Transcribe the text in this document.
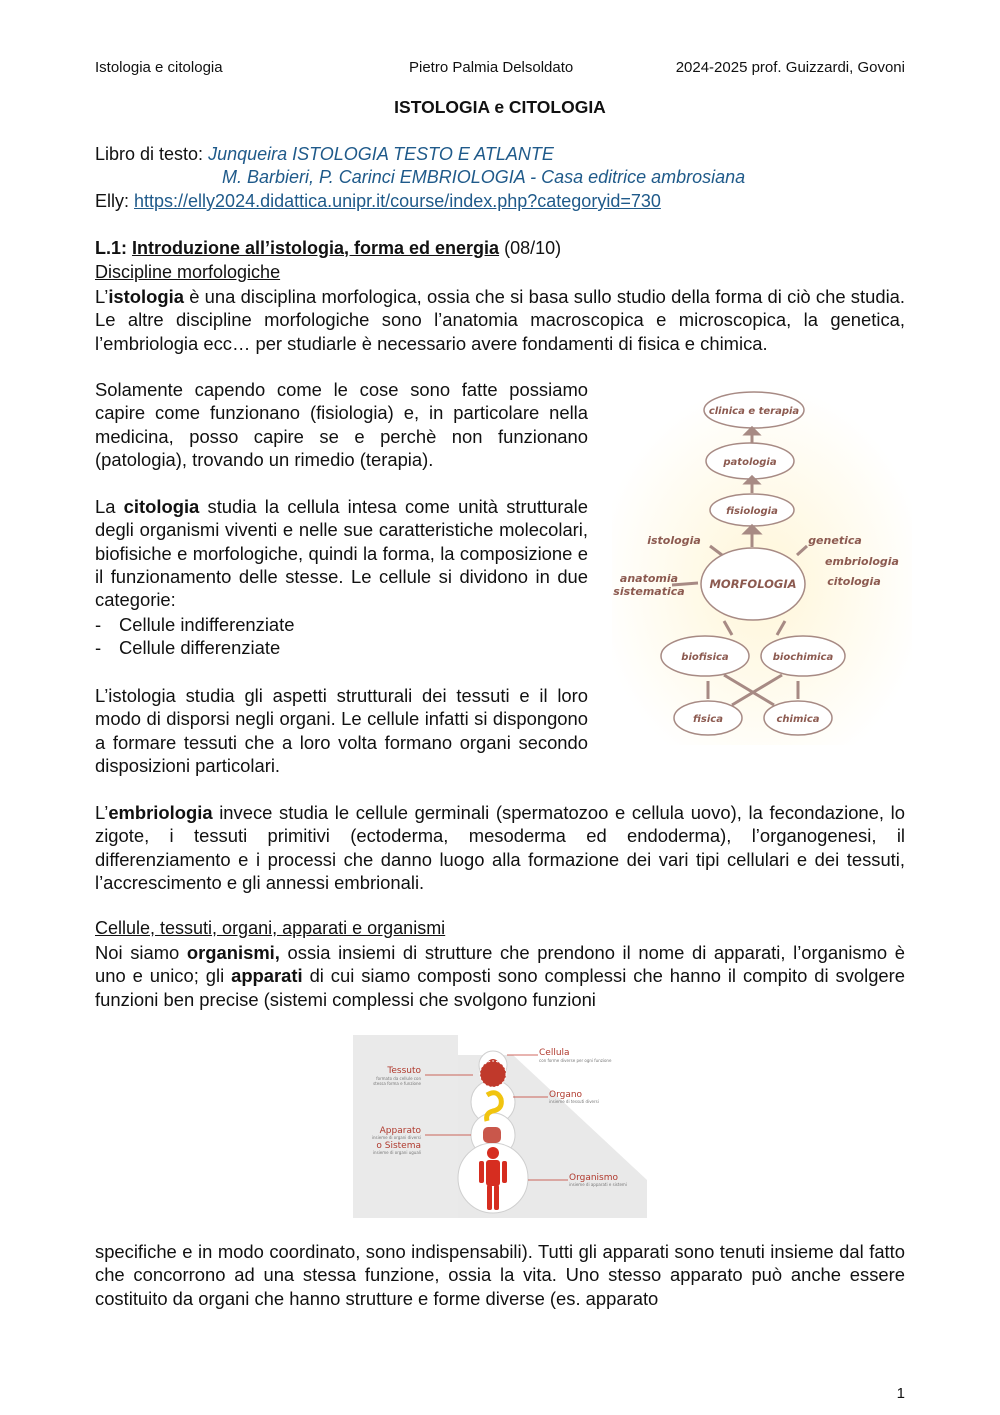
Istologia e citologia	Pietro Palmia Delsoldato	2024-2025 prof. Guizzardi, Govoni
ISTOLOGIA e CITOLOGIA
Libro di testo: Junqueira ISTOLOGIA TESTO E ATLANTE
M. Barbieri, P. Carinci EMBRIOLOGIA - Casa editrice ambrosiana
Elly: https://elly2024.didattica.unipr.it/course/index.php?categoryid=730
L.1: Introduzione all’istologia, forma ed energia (08/10)
Discipline morfologiche

L’istologia è una disciplina morfologica, ossia che si basa sullo studio della forma di ciò che studia. Le altre discipline morfologiche sono l’anatomia macroscopica e microscopica, la genetica, l’embriologia ecc… per studiarle è necessario avere fondamenti di fisica e chimica.

Solamente capendo come le cose sono fatte possiamo capire come funzionano (fisiologia) e, in particolare nella medicina, posso capire se e perchè non funzionano (patologia), trovando un rimedio (terapia).

La citologia studia la cellula intesa come unità strutturale degli organismi viventi e nelle sue caratteristiche molecolari, biofisiche e morfologiche, quindi la forma, la composizione e il funzionamento delle stesse. Le cellule si dividono in due categorie:

- Cellule indifferenziate
- Cellule differenziate

L’istologia studia gli aspetti strutturali dei tessuti e il loro modo di disporsi negli organi. Le cellule infatti si dispongono a formare tessuti che a loro volta formano organi secondo disposizioni particolari.

L’embriologia invece studia le cellule germinali (spermatozoo e cellula uovo), la fecondazione, lo zigote, i tessuti primitivi (ectoderma, mesoderma ed endoderma), l’organogenesi, il differenziamento e i processi che danno luogo alla formazione dei vari tipi cellulari e dei tessuti, l’accrescimento e gli annessi embrionali.

Cellule, tessuti, organi, apparati e organismi

Noi siamo organismi, ossia insiemi di strutture che prendono il nome di apparati, l’organismo è uno e unico; gli apparati di cui siamo composti sono complessi che hanno il compito di svolgere funzioni ben precise (sistemi complessi che svolgono funzioni

specifiche e in modo coordinato, sono indispensabili). Tutti gli apparati sono tenuti insieme dal fatto che concorrono ad una stessa funzione, ossia la vita. Uno stesso apparato può anche essere costituito da organi che hanno strutture e forme diverse (es. apparato

clinica e terapia
patologia
fisiologia
MORFOLOGIA
istologia
anatomia
sistematica
genetica
embriologia
citologia
biofisica	biochimica
fisica	chimica
Cellula
con forme diverse per ogni funzione
Tessuto
formato da cellule con
stessa forma e funzione
Organo
insieme di tessuti diversi
Apparato
insieme di organi diversi
o Sistema
insieme di organi uguali
Organismo
insieme di apparati e sistemi
1
